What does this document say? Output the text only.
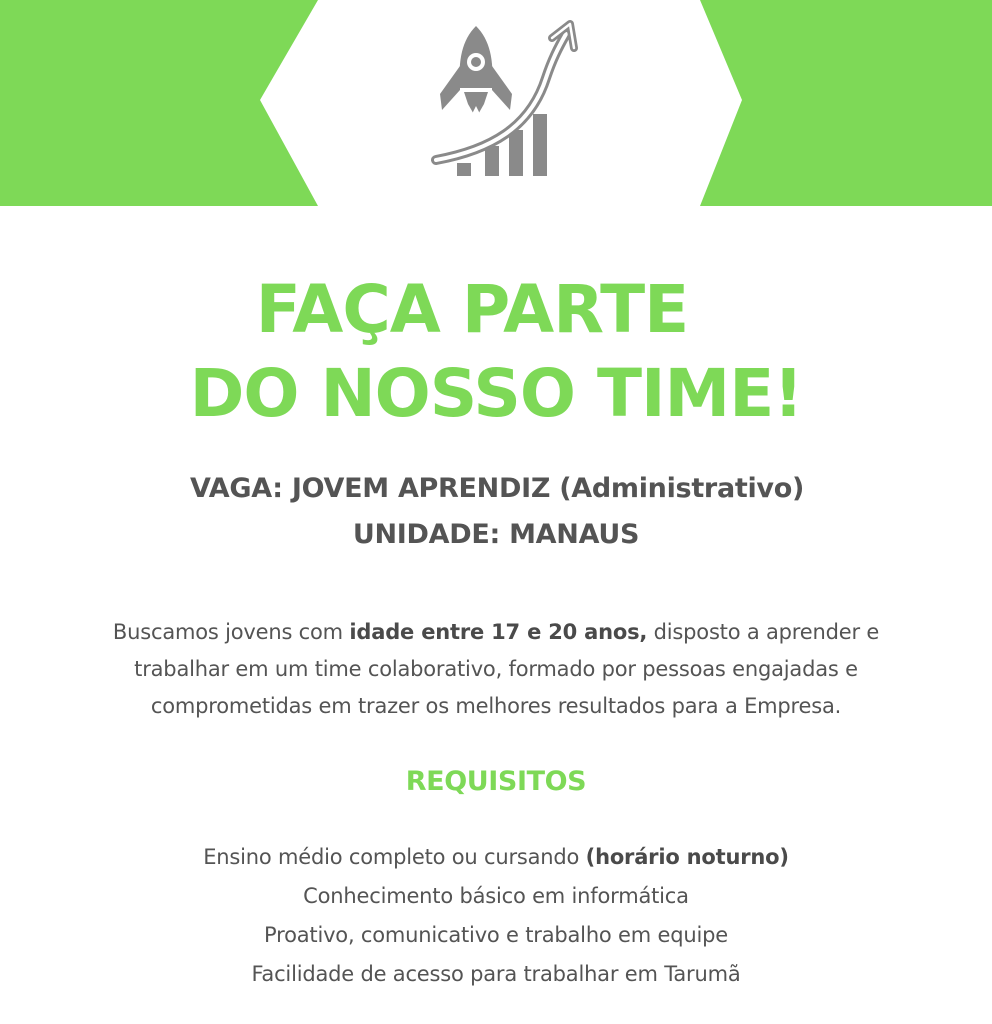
FAÇA PARTE
DO NOSSO TIME!
VAGA: JOVEM APRENDIZ (Administrativo)
UNIDADE: MANAUS
Buscamos jovens com idade entre 17 e 20 anos, disposto a aprender e
trabalhar em um time colaborativo, formado por pessoas engajadas e
comprometidas em trazer os melhores resultados para a Empresa.
REQUISITOS
Ensino médio completo ou cursando (horário noturno)
Conhecimento básico em informática
Proativo, comunicativo e trabalho em equipe
Facilidade de acesso para trabalhar em Tarumã
